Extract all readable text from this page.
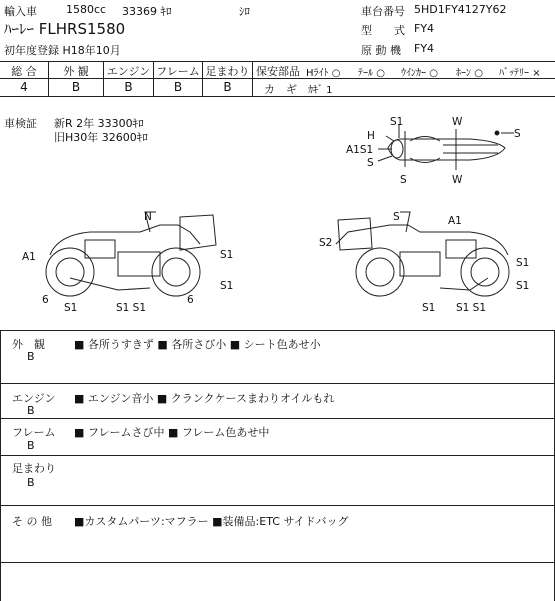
輸入車	1580cc 33369 ｷﾛ	ｼﾛ	車台番号 5HD1FY4127Y62
ﾊｰﾚｰ FLHRS1580	型　　式 FY4
初年度登録 H18年10月	原 動 機 FY4
総 合	外 観	エンジン フレーム 足まわり
4	B	B	B	B
保安部品 Hﾗｲﾄ ○ ﾃｰﾙ ○ ｳｲﾝｶｰ ○ ﾎｰﾝ ○ ﾊﾞｯﾃﾘｰ ×
カ　ギ ｶｷﾞ 1
車検証 新R 2年 33300ｷﾛ
旧H30年 32600ｷﾛ
S1
H
A1S1
S
S
W
S
W
N
A1	S1
S1
6
S1	S1 S1
6
S	A1
S2
S1
S1
S1 S1 S1
外　観
B
■ 各所うすきず ■ 各所さび小 ■ シート色あせ小
エンジン
B
■ エンジン音小 ■ クランクケースまわりオイルもれ
フレーム
B
■ フレームさび中 ■ フレーム色あせ中
足まわり
B
そ の 他 ■カスタムパーツ:マフラー ■装備品:ETC サイドバッグ
